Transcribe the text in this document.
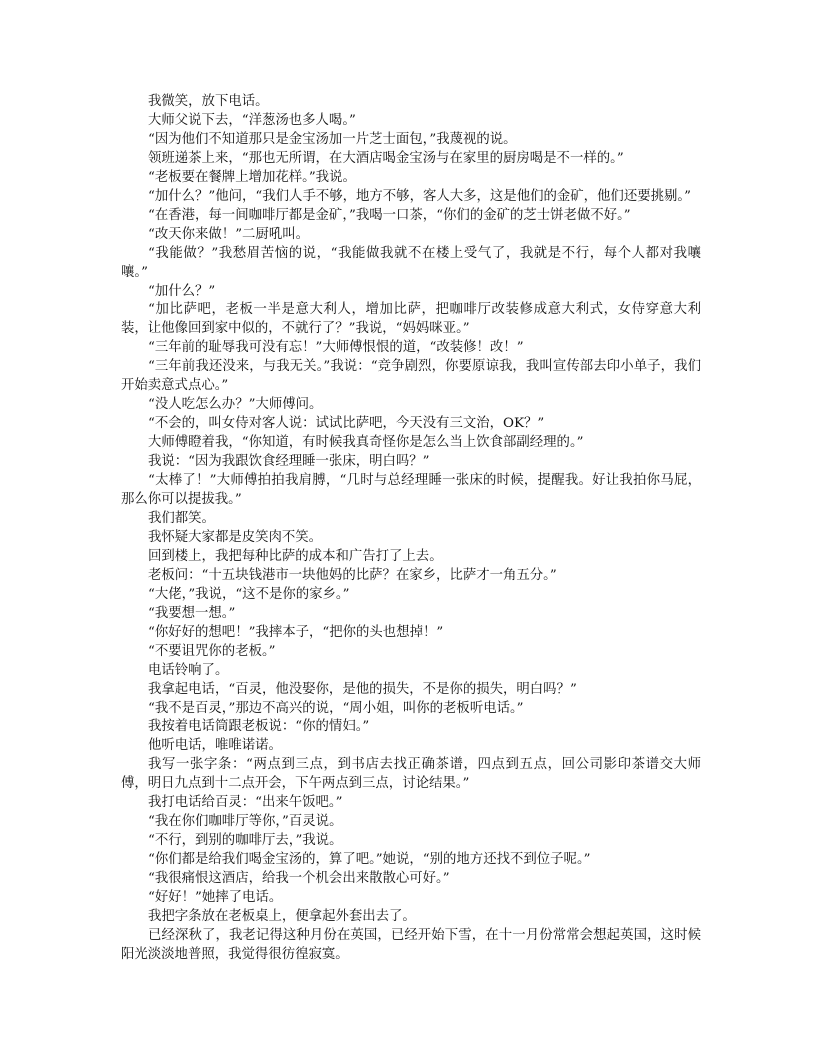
我微笑，放下电话。

大师父说下去，“洋葱汤也多人喝。”

“因为他们不知道那只是金宝汤加一片芝士面包，”我蔑视的说。

领班递茶上来，“那也无所谓，在大酒店喝金宝汤与在家里的厨房喝是不一样的。”

“老板要在餐牌上增加花样。”我说。

“加什么？”他问，“我们人手不够，地方不够，客人大多，这是他们的金矿，他们还要挑剔。”

“在香港，每一间咖啡厅都是金矿，”我喝一口茶，“你们的金矿的芝士饼老做不好。”

“改天你来做！”二厨吼叫。

“我能做？”我愁眉苦恼的说，“我能做我就不在楼上受气了，我就是不行，每个人都对我嚷嚷。”

“加什么？”

“加比萨吧，老板一半是意大利人，增加比萨，把咖啡厅改装修成意大利式，女侍穿意大利装，让他像回到家中似的，不就行了？”我说，“妈妈咪亚。”

“三年前的耻辱我可没有忘！”大师傅恨恨的道，“改装修！改！”

“三年前我还没来，与我无关。”我说：“竞争剧烈，你要原谅我，我叫宣传部去印小单子，我们开始卖意式点心。”

“没人吃怎么办？”大师傅问。

“不会的，叫女侍对客人说：试试比萨吧，今天没有三文治，OK？”

大师傅瞪着我，“你知道，有时候我真奇怪你是怎么当上饮食部副经理的。”

我说：“因为我跟饮食经理睡一张床，明白吗？”

“太棒了！”大师傅拍拍我肩膊，“几时与总经理睡一张床的时候，提醒我。好让我拍你马屁，那么你可以提拔我。”

我们都笑。

我怀疑大家都是皮笑肉不笑。

回到楼上，我把每种比萨的成本和广告打了上去。

老板问：“十五块钱港市一块他妈的比萨？在家乡，比萨才一角五分。”

“大佬，”我说，“这不是你的家乡。”

“我要想一想。”

“你好好的想吧！”我摔本子，“把你的头也想掉！”

“不要诅咒你的老板。”

电话铃响了。

我拿起电话，“百灵，他没娶你，是他的损失，不是你的损失，明白吗？”

“我不是百灵，”那边不高兴的说，“周小姐，叫你的老板听电话。”

我按着电话筒跟老板说：“你的情妇。”

他听电话，唯唯诺诺。

我写一张字条：“两点到三点，到书店去找正确茶谱，四点到五点，回公司影印茶谱交大师傅，明日九点到十二点开会，下午两点到三点，讨论结果。”

我打电话给百灵：“出来午饭吧。”

“我在你们咖啡厅等你，”百灵说。

“不行，到别的咖啡厅去，”我说。

“你们都是给我们喝金宝汤的，算了吧。”她说，“别的地方还找不到位子呢。”

“我很痛恨这酒店，给我一个机会出来散散心可好。”

“好好！”她摔了电话。

我把字条放在老板桌上，便拿起外套出去了。

已经深秋了，我老记得这种月份在英国，已经开始下雪，在十一月份常常会想起英国，这时候阳光淡淡地普照，我觉得很彷徨寂寞。
